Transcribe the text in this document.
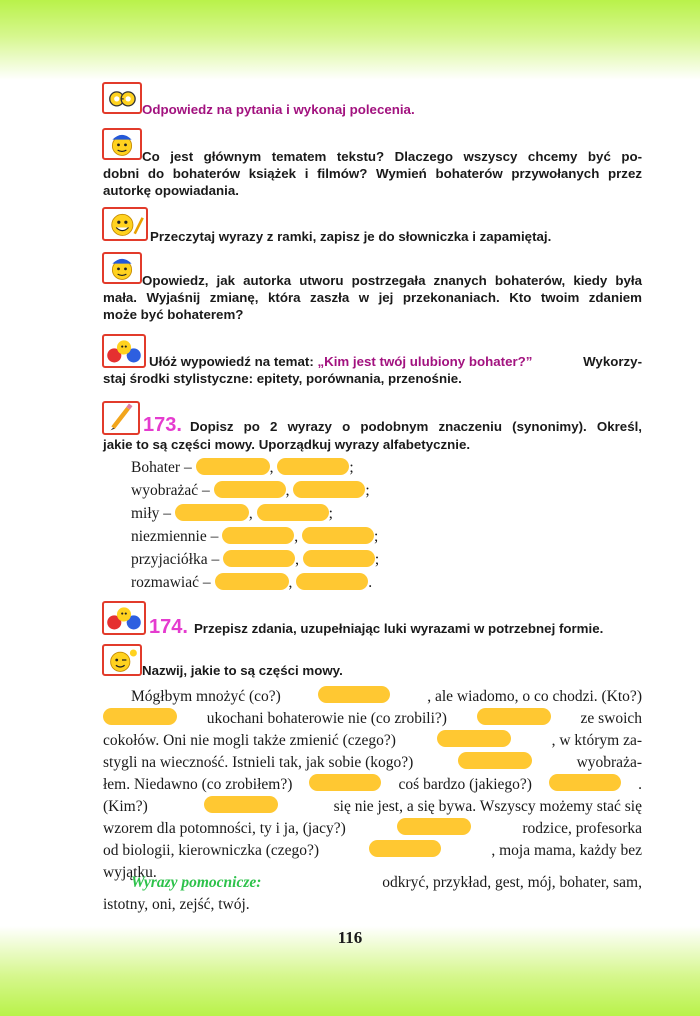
Odpowiedz na pytania i wykonaj polecenia.
Co jest głównym tematem tekstu? Dlaczego wszyscy chcemy być po-
dobni do bohaterów książek i filmów? Wymień bohaterów przywołanych przez
autorkę opowiadania.
Przeczytaj wyrazy z ramki, zapisz je do słowniczka i zapamiętaj.
Opowiedz, jak autorka utworu postrzegała znanych bohaterów, kiedy była
mała. Wyjaśnij zmianę, która zaszła w jej przekonaniach. Kto twoim zdaniem
może być bohaterem?
Ułóż wypowiedź na temat: „Kim jest twój ulubiony bohater?”	Wykorzy-
staj środki stylistyczne: epitety, porównania, przenośnie.
173. Dopisz po 2 wyrazy o podobnym znaczeniu (synonimy). Określ,
jakie to są części mowy. Uporządkuj wyrazy alfabetycznie.
Bohater –	,	;
wyobrażać –	,	;
miły –	,	;
niezmiennie –	,	;
przyjaciółka –	,	;
rozmawiać –	,	.
174. Przepisz zdania, uzupełniając luki wyrazami w potrzebnej formie.
Nazwij, jakie to są części mowy.
Mógłbym mnożyć (co?)	, ale wiadomo, o co chodzi. (Kto?)
ukochani bohaterowie nie (co zrobili?)	ze swoich
cokołów. Oni nie mogli także zmienić (czego?)	, w którym za-
stygli na wieczność. Istnieli tak, jak sobie (kogo?)	wyobraża-
łem. Niedawno (co zrobiłem?)	coś bardzo (jakiego?)	.
(Kim?)	się nie jest, a się bywa. Wszyscy możemy stać się
wzorem dla potomności, ty i ja, (jacy?)	rodzice, profesorka
od biologii, kierowniczka (czego?)	, moja mama, każdy bez
wyjątku.
Wyrazy pomocnicze:	odkryć, przykład, gest, mój, bohater, sam,
istotny, oni, zejść, twój.
116
